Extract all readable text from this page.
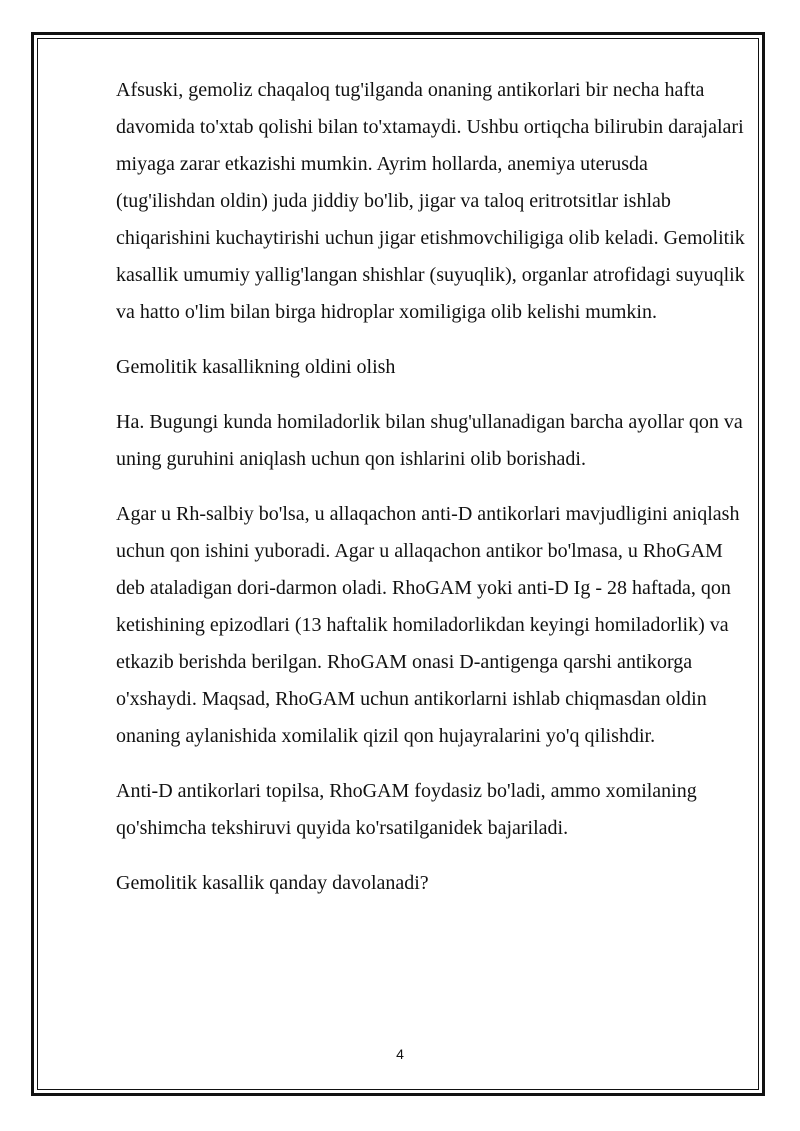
Afsuski, gemoliz chaqaloq tug'ilganda onaning antikorlari bir necha hafta davomida to'xtab qolishi bilan to'xtamaydi. Ushbu ortiqcha bilirubin darajalari miyaga zarar etkazishi mumkin. Ayrim hollarda, anemiya uterusda (tug'ilishdan oldin) juda jiddiy bo'lib, jigar va taloq eritrotsitlar ishlab chiqarishini kuchaytirishi uchun jigar etishmovchiligiga olib keladi. Gemolitik kasallik umumiy yallig'langan shishlar (suyuqlik), organlar atrofidagi suyuqlik va hatto o'lim bilan birga hidroplar xomiligiga olib kelishi mumkin.

Gemolitik kasallikning oldini olish

Ha. Bugungi kunda homiladorlik bilan shug'ullanadigan barcha ayollar qon va uning guruhini aniqlash uchun qon ishlarini olib borishadi.

Agar u Rh-salbiy bo'lsa, u allaqachon anti-D antikorlari mavjudligini aniqlash uchun qon ishini yuboradi. Agar u allaqachon antikor bo'lmasa, u RhoGAM deb ataladigan dori-darmon oladi. RhoGAM yoki anti-D Ig - 28 haftada, qon ketishining epizodlari (13 haftalik homiladorlikdan keyingi homiladorlik) va etkazib berishda berilgan. RhoGAM onasi D-antigenga qarshi antikorga o'xshaydi. Maqsad, RhoGAM uchun antikorlarni ishlab chiqmasdan oldin onaning aylanishida xomilalik qizil qon hujayralarini yo'q qilishdir.

Anti-D antikorlari topilsa, RhoGAM foydasiz bo'ladi, ammo xomilaning qo'shimcha tekshiruvi quyida ko'rsatilganidek bajariladi.

Gemolitik kasallik qanday davolanadi?

4
